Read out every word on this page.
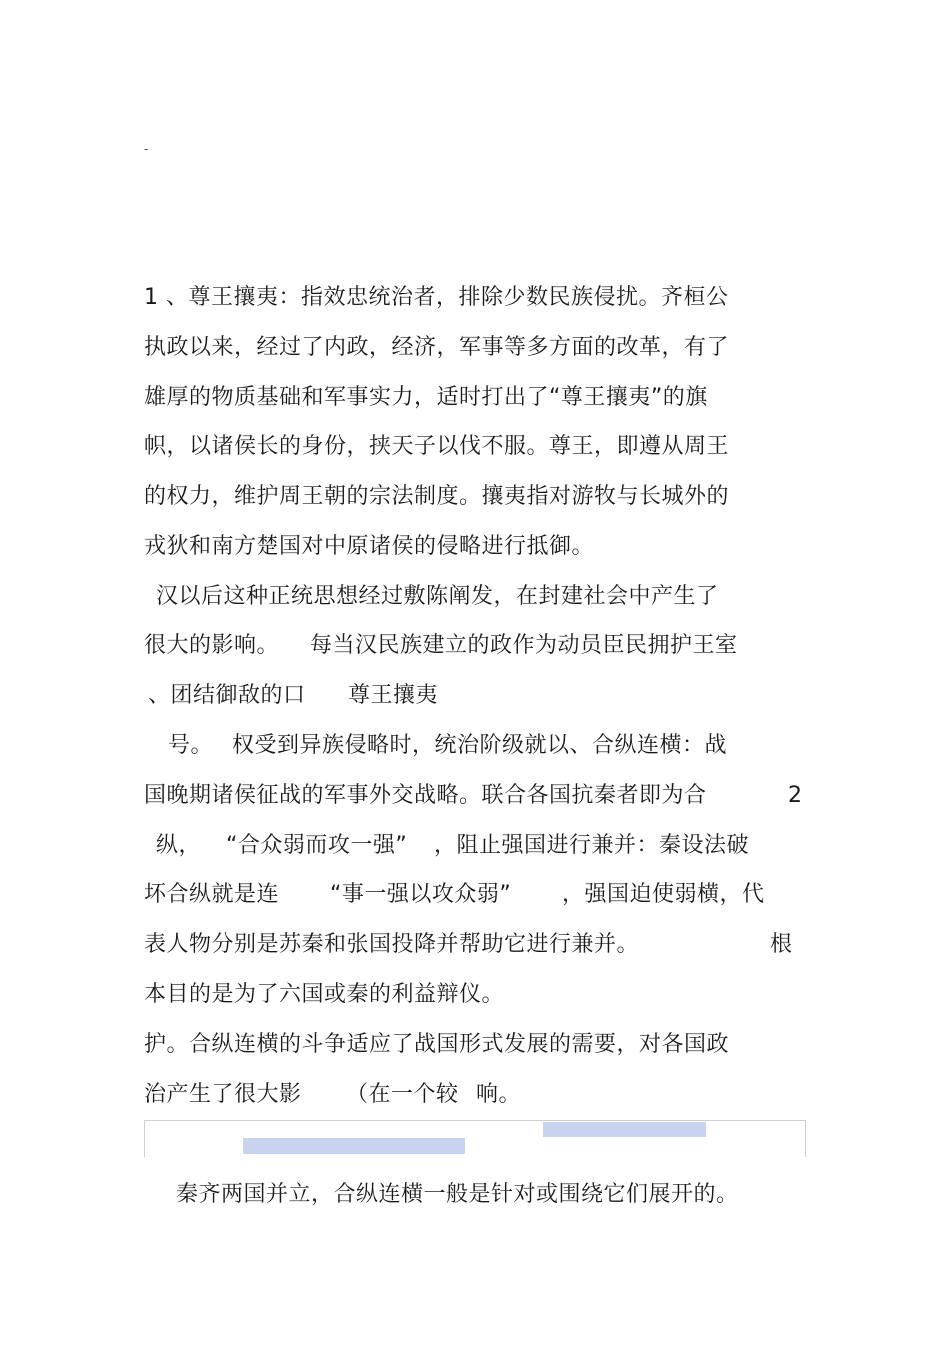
-
1 、尊王攘夷：指效忠统治者，排除少数民族侵扰。齐桓公
执政以来，经过了内政，经济，军事等多方面的改革，有了
雄厚的物质基础和军事实力，适时打出了“尊王攘夷”的旗
帜，以诸侯长的身份，挟天子以伐不服。尊王，即遵从周王
的权力，维护周王朝的宗法制度。攘夷指对游牧与长城外的
戎狄和南方楚国对中原诸侯的侵略进行抵御。
汉以后这种正统思想经过敷陈阐发，在封建社会中产生了
很大的影响。 每当汉民族建立的政作为动员臣民拥护王室
、团结御敌的口 尊王攘夷
号。 权受到异族侵略时，统治阶级就以、合纵连横：战
国晚期诸侯征战的军事外交战略。联合各国抗秦者即为合	2
纵， “合众弱而攻一强” ，阻止强国进行兼并：秦设法破
坏合纵就是连 “事一强以攻众弱” ，强国迫使弱横，代
表人物分别是苏秦和张国投降并帮助它进行兼并。	根
本目的是为了六国或秦的利益辩仪。
护。合纵连横的斗争适应了战国形式发展的需要，对各国政
治产生了很大影 （在一个较 响。
秦齐两国并立，合纵连横一般是针对或围绕它们展开的。
